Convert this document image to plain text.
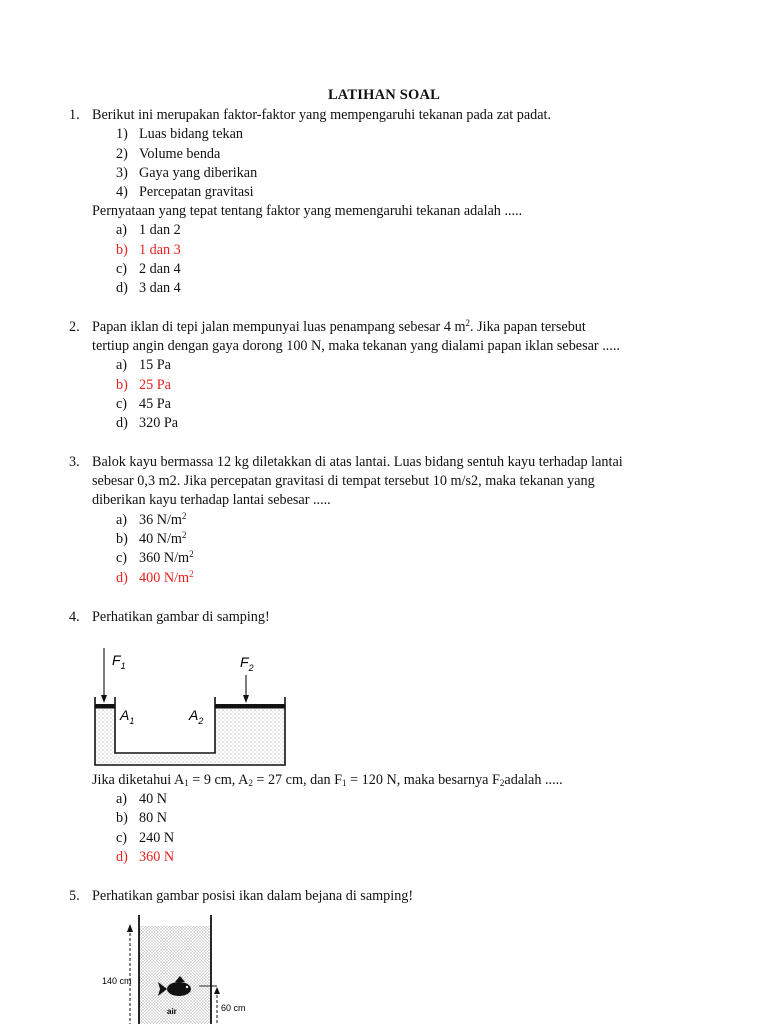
LATIHAN SOAL
1. Berikut ini merupakan faktor-faktor yang mempengaruhi tekanan pada zat padat.
1) Luas bidang tekan
2) Volume benda
3) Gaya yang diberikan
4) Percepatan gravitasi
Pernyataan yang tepat tentang faktor yang memengaruhi tekanan adalah .....
a) 1 dan 2
b) 1 dan 3
c) 2 dan 4
d) 3 dan 4
2. Papan iklan di tepi jalan mempunyai luas penampang sebesar 4 $m^2$. Jika papan tersebut
tertiup angin dengan gaya dorong 100 N, maka tekanan yang dialami papan iklan sebesar .....
a) 15 Pa
b) 25 Pa
c) 45 Pa
d) 320 Pa
3. Balok kayu bermassa 12 kg diletakkan di atas lantai. Luas bidang sentuh kayu terhadap lantai
sebesar 0,3 m2. Jika percepatan gravitasi di tempat tersebut 10 m/s2, maka tekanan yang
diberikan kayu terhadap lantai sebesar .....
a) 36 $N/m^2$
b) 40 $N/m^2$
c) 360 $N/m^2$
d) 400 $N/m^2$
4. Perhatikan gambar di samping!
$F_1$	$F_2$
$A_1$	$A_2$
Jika diketahui $A_1 = 9$ cm, $A_2 = 27$ cm, dan $F_1 = 120$ N, maka besarnya $F_2adalah$ .....
a) 40 N
b) 80 N
c) 240 N
d) 360 N
5. Perhatikan gambar posisi ikan dalam bejana di samping!
140 cm
60 cm
air
